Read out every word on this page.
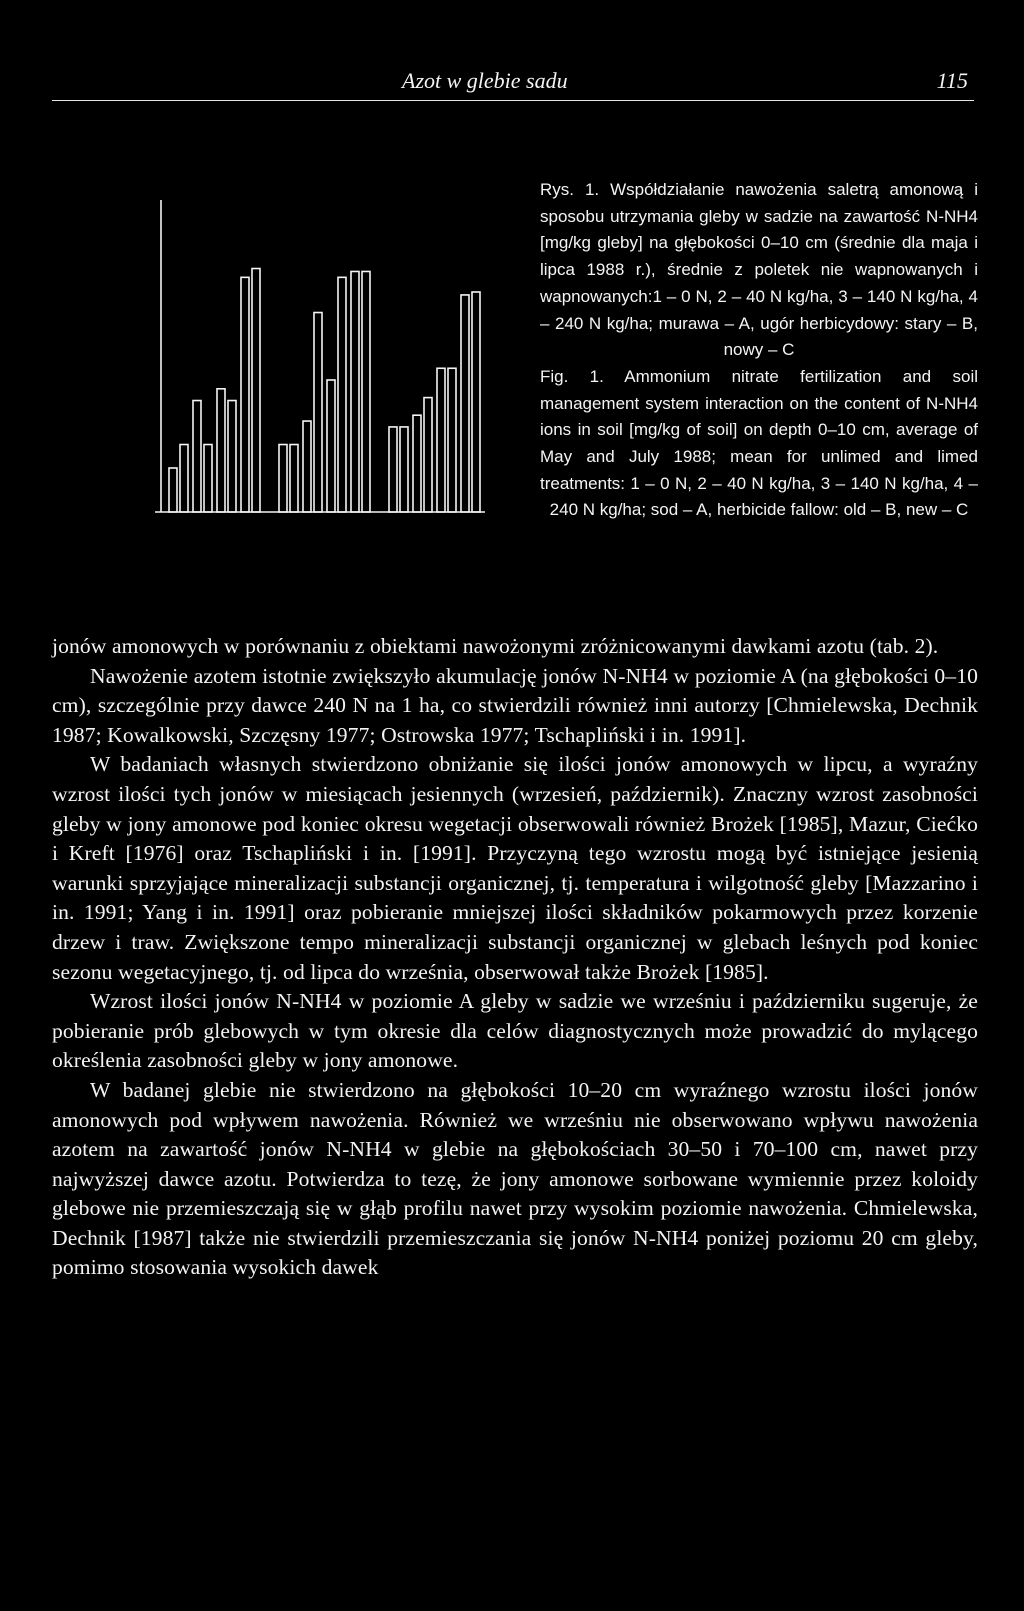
Azot w glebie sadu	115

Rys. 1. Współdziałanie nawożenia saletrą amonową i sposobu utrzymania gleby w sadzie na zawartość N-NH4 [mg/kg gleby] na głębokości 0–10 cm (średnie dla maja i lipca 1988 r.), średnie z poletek nie wapnowanych i wapnowanych:1 – 0 N, 2 – 40 N kg/ha, 3 – 140 N kg/ha, 4 – 240 N kg/ha; murawa – A, ugór herbicydowy: stary – B, nowy – C

Fig. 1. Ammonium nitrate fertilization and soil management system interaction on the content of N-NH4 ions in soil [mg/kg of soil] on depth 0–10 cm, average of May and July 1988; mean for unlimed and limed treatments: 1 – 0 N, 2 – 40 N kg/ha, 3 – 140 N kg/ha, 4 – 240 N kg/ha; sod – A, herbicide fallow: old – B, new – C

jonów amonowych w porównaniu z obiektami nawożonymi zróżnicowanymi dawkami azotu (tab. 2).

Nawożenie azotem istotnie zwiększyło akumulację jonów N-NH4 w poziomie A (na głębokości 0–10 cm), szczególnie przy dawce 240 N na 1 ha, co stwierdzili również inni autorzy [Chmielewska, Dechnik 1987; Kowalkowski, Szczęsny 1977; Ostrowska 1977; Tschapliński i in. 1991].

W badaniach własnych stwierdzono obniżanie się ilości jonów amonowych w lipcu, a wyraźny wzrost ilości tych jonów w miesiącach jesiennych (wrzesień, październik). Znaczny wzrost zasobności gleby w jony amonowe pod koniec okresu wegetacji obserwowali również Brożek [1985], Mazur, Ciećko i Kreft [1976] oraz Tschapliński i in. [1991]. Przyczyną tego wzrostu mogą być istniejące jesienią warunki sprzyjające mineralizacji substancji organicznej, tj. temperatura i wilgotność gleby [Mazzarino i in. 1991; Yang i in. 1991] oraz pobieranie mniejszej ilości składników pokarmowych przez korzenie drzew i traw. Zwiększone tempo mineralizacji substancji organicznej w glebach leśnych pod koniec sezonu wegetacyjnego, tj. od lipca do września, obserwował także Brożek [1985].

Wzrost ilości jonów N-NH4 w poziomie A gleby w sadzie we wrześniu i październiku sugeruje, że pobieranie prób glebowych w tym okresie dla celów diagnostycznych może prowadzić do mylącego określenia zasobności gleby w jony amonowe.

W badanej glebie nie stwierdzono na głębokości 10–20 cm wyraźnego wzrostu ilości jonów amonowych pod wpływem nawożenia. Również we wrześniu nie obserwowano wpływu nawożenia azotem na zawartość jonów N-NH4 w glebie na głębokościach 30–50 i 70–100 cm, nawet przy najwyższej dawce azotu. Potwierdza to tezę, że jony amonowe sorbowane wymiennie przez koloidy glebowe nie przemieszczają się w głąb profilu nawet przy wysokim poziomie nawożenia. Chmielewska, Dechnik [1987] także nie stwierdzili przemieszczania się jonów N-NH4 poniżej poziomu 20 cm gleby, pomimo stosowania wysokich dawek
